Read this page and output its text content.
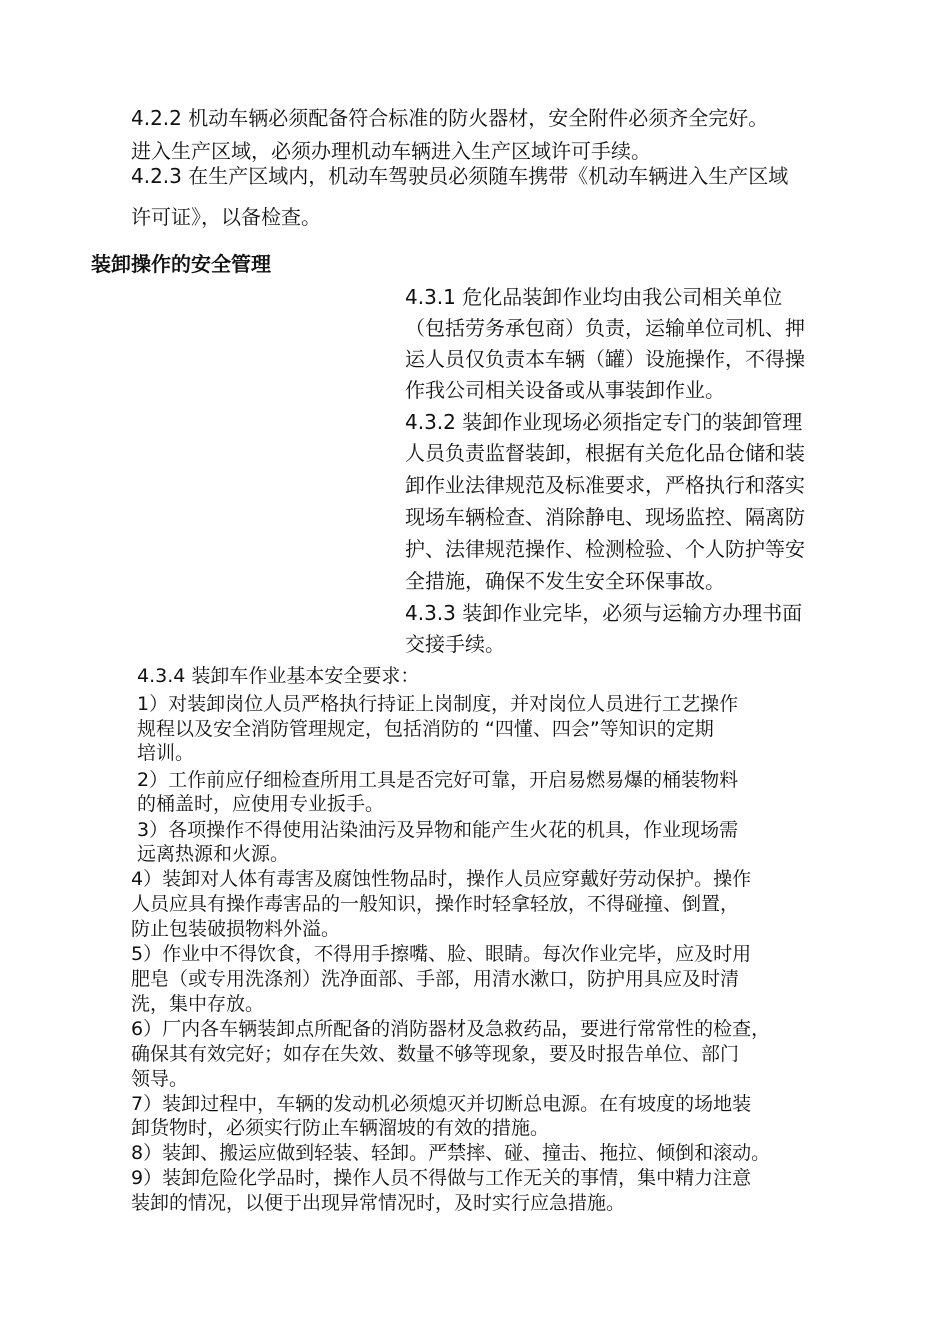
4.2.2 机动车辆必须配备符合标准的防火器材，安全附件必须齐全完好。
进入生产区域，必须办理机动车辆进入生产区域许可手续。
4.2.3 在生产区域内，机动车驾驶员必须随车携带《机动车辆进入生产区域
许可证》，以备检查。
装卸操作的安全管理
4.3.1 危化品装卸作业均由我公司相关单位
（包括劳务承包商）负责，运输单位司机、押
运人员仅负责本车辆（罐）设施操作，不得操
作我公司相关设备或从事装卸作业。
4.3.2 装卸作业现场必须指定专门的装卸管理
人员负责监督装卸，根据有关危化品仓储和装
卸作业法律规范及标准要求，严格执行和落实
现场车辆检查、消除静电、现场监控、隔离防
护、法律规范操作、检测检验、个人防护等安
全措施，确保不发生安全环保事故。
4.3.3 装卸作业完毕，必须与运输方办理书面
交接手续。
4.3.4 装卸车作业基本安全要求：
1）对装卸岗位人员严格执行持证上岗制度，并对岗位人员进行工艺操作
规程以及安全消防管理规定，包括消防的 “四懂、四会”等知识的定期
培训。
2）工作前应仔细检查所用工具是否完好可靠，开启易燃易爆的桶装物料
的桶盖时，应使用专业扳手。
3）各项操作不得使用沾染油污及异物和能产生火花的机具，作业现场需
远离热源和火源。
4）装卸对人体有毒害及腐蚀性物品时，操作人员应穿戴好劳动保护。操作
人员应具有操作毒害品的一般知识，操作时轻拿轻放，不得碰撞、倒置，
防止包装破损物料外溢。
5）作业中不得饮食，不得用手擦嘴、脸、眼睛。每次作业完毕，应及时用
肥皂（或专用洗涤剂）洗净面部、手部，用清水漱口，防护用具应及时清
洗，集中存放。
6）厂内各车辆装卸点所配备的消防器材及急救药品，要进行常常性的检查，
确保其有效完好；如存在失效、数量不够等现象，要及时报告单位、部门
领导。
7）装卸过程中，车辆的发动机必须熄灭并切断总电源。在有坡度的场地装
卸货物时，必须实行防止车辆溜坡的有效的措施。
8）装卸、搬运应做到轻装、轻卸。严禁摔、碰、撞击、拖拉、倾倒和滚动。
9）装卸危险化学品时，操作人员不得做与工作无关的事情，集中精力注意
装卸的情况，以便于出现异常情况时，及时实行应急措施。
